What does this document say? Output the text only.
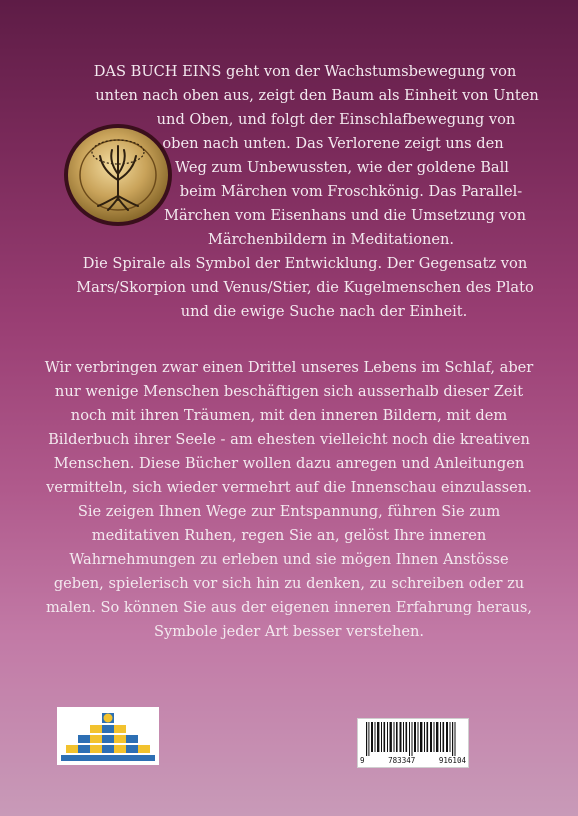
DAS BUCH EINS geht von der Wachstumsbewegung von
unten nach oben aus, zeigt den Baum als Einheit von Unten
und Oben, und folgt der Einschlafbewegung von
oben nach unten. Das Verlorene zeigt uns den
Weg zum Unbewussten, wie der goldene Ball
beim Märchen vom Froschkönig. Das Parallel-
Märchen vom Eisenhans und die Umsetzung von
Märchenbildern in Meditationen.
Die Spirale als Symbol der Entwicklung. Der Gegensatz von
Mars/Skorpion und Venus/Stier, die Kugelmenschen des Plato
und die ewige Suche nach der Einheit.
Wir verbringen zwar einen Drittel unseres Lebens im Schlaf, aber
nur wenige Menschen beschäftigen sich ausserhalb dieser Zeit
noch mit ihren Träumen, mit den inneren Bildern, mit dem
Bilderbuch ihrer Seele - am ehesten vielleicht noch die kreativen
Menschen. Diese Bücher wollen dazu anregen und Anleitungen
vermitteln, sich wieder vermehrt auf die Innenschau einzulassen.
Sie zeigen Ihnen Wege zur Entspannung, führen Sie zum
meditativen Ruhen, regen Sie an, gelöst Ihre inneren
Wahrnehmungen zu erleben und sie mögen Ihnen Anstösse
geben, spielerisch vor sich hin zu denken, zu schreiben oder zu
malen. So können Sie aus der eigenen inneren Erfahrung heraus,
Symbole jeder Art besser verstehen.
9	783347	916104
